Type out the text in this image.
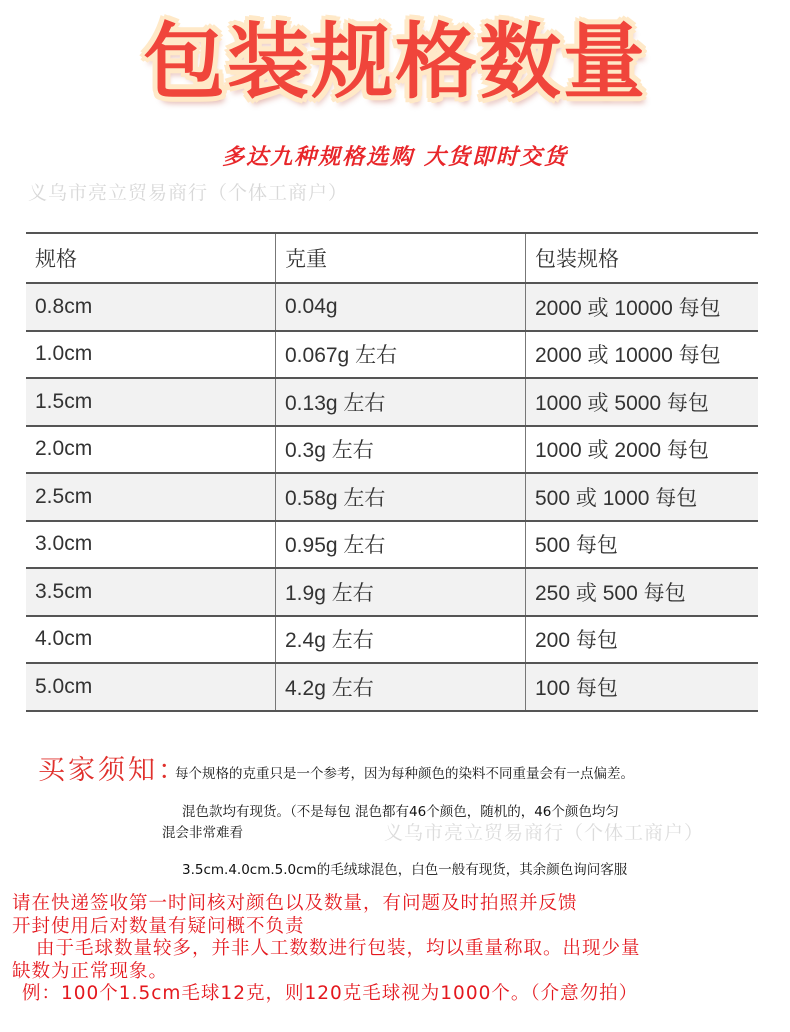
包装规格数量
多达九种规格选购 大货即时交货
义乌市亮立贸易商行（个体工商户）
规格	克重	包装规格
0.8cm	0.04g	2000 或 10000 每包
1.0cm	0.067g 左右	2000 或 10000 每包
1.5cm	0.13g 左右	1000 或 5000 每包
2.0cm	0.3g 左右	1000 或 2000 每包
2.5cm	0.58g 左右	500 或 1000 每包
3.0cm	0.95g 左右	500 每包
3.5cm	1.9g 左右	250 或 500 每包
4.0cm	2.4g 左右	200 每包
5.0cm	4.2g 左右	100 每包
买家须知：
每个规格的克重只是一个参考，因为每种颜色的染料不同重量会有一点偏差。
混色款均有现货。（不是每包 混色都有46个颜色，随机的，46个颜色均匀
混会非常难看	义乌市亮立贸易商行（个体工商户）
3.5cm.4.0cm.5.0cm的毛绒球混色，白色一般有现货，其余颜色询问客服
请在快递签收第一时间核对颜色以及数量，有问题及时拍照并反馈
开封使用后对数量有疑问概不负责
由于毛球数量较多，并非人工数数进行包装，均以重量称取。出现少量
缺数为正常现象。
例：100个1.5cm毛球12克，则120克毛球视为1000个。（介意勿拍）
